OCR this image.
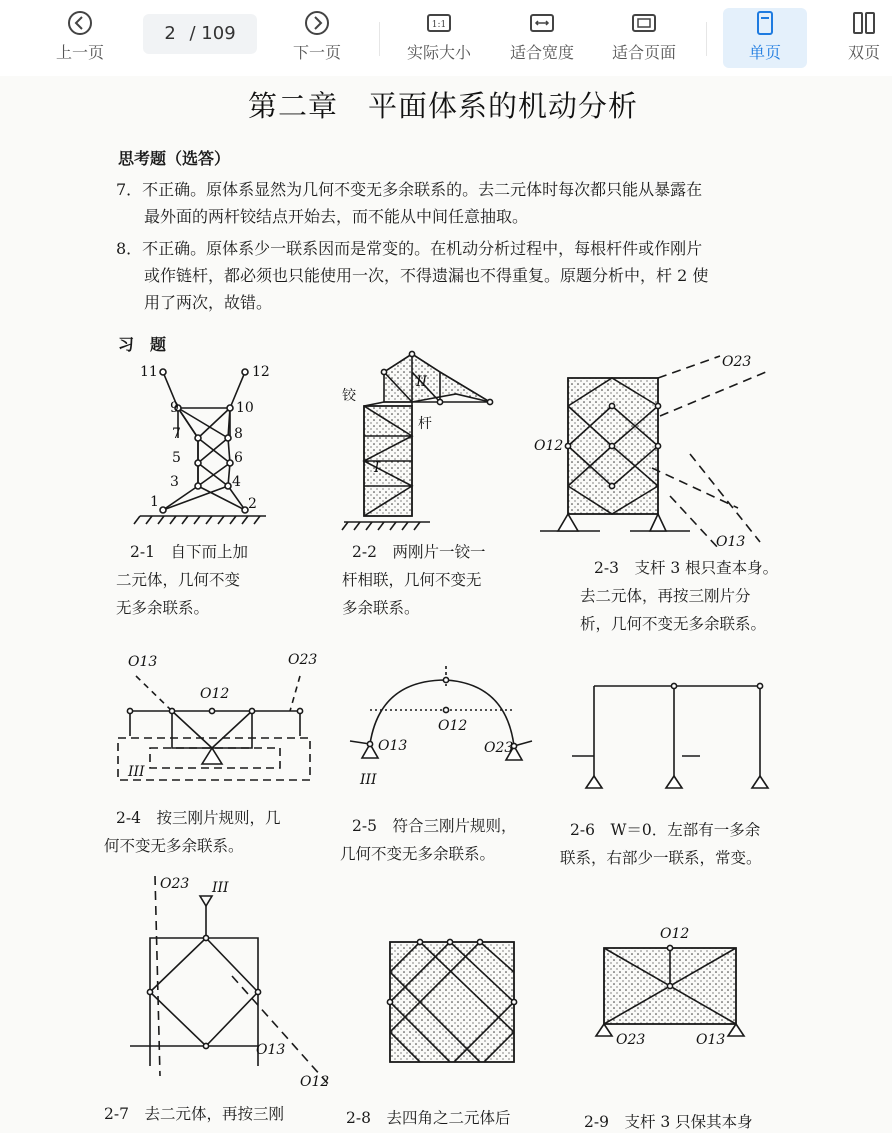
上一页
2 / 109
下一页
1:1
实际大小	适合宽度	适合页面	单页	双页
第二章　平面体系的机动分析
思考题（选答）
7．不正确。原体系显然为几何不变无多余联系的。去二元体时每次都只能从暴露在
最外面的两杆铰结点开始去，而不能从中间任意抽取。
8．不正确。原体系少一联系因而是常变的。在机动分析过程中，每根杆件或作刚片
或作链杆，都必须也只能使用一次，不得遗漏也不得重复。原题分析中，杆 2 使
用了两次，故错。
习　题
11	12
9	10
7	8
5	6
3	4
1	2
铰
杆
I
II
O23
O12
O13
O13	O23
O12
III
O12
O13	O23
III
O23 III
O13
O12
O12
O23	O13
2-1　自下而上加
二元体，几何不变
无多余联系。
2-2　两刚片一铰一
杆相联，几何不变无
多余联系。
2-3　支杆 3 根只查本身。
去二元体，再按三刚片分
析，几何不变无多余联系。
2-4　按三刚片规则，几
何不变无多余联系。
2-5　符合三刚片规则，
几何不变无多余联系。
2-6　W＝0．左部有一多余
联系，右部少一联系，常变。
2-7　去二元体，再按三刚	2-8　去四角之二元体后	2-9　支杆 3 只保其本身
